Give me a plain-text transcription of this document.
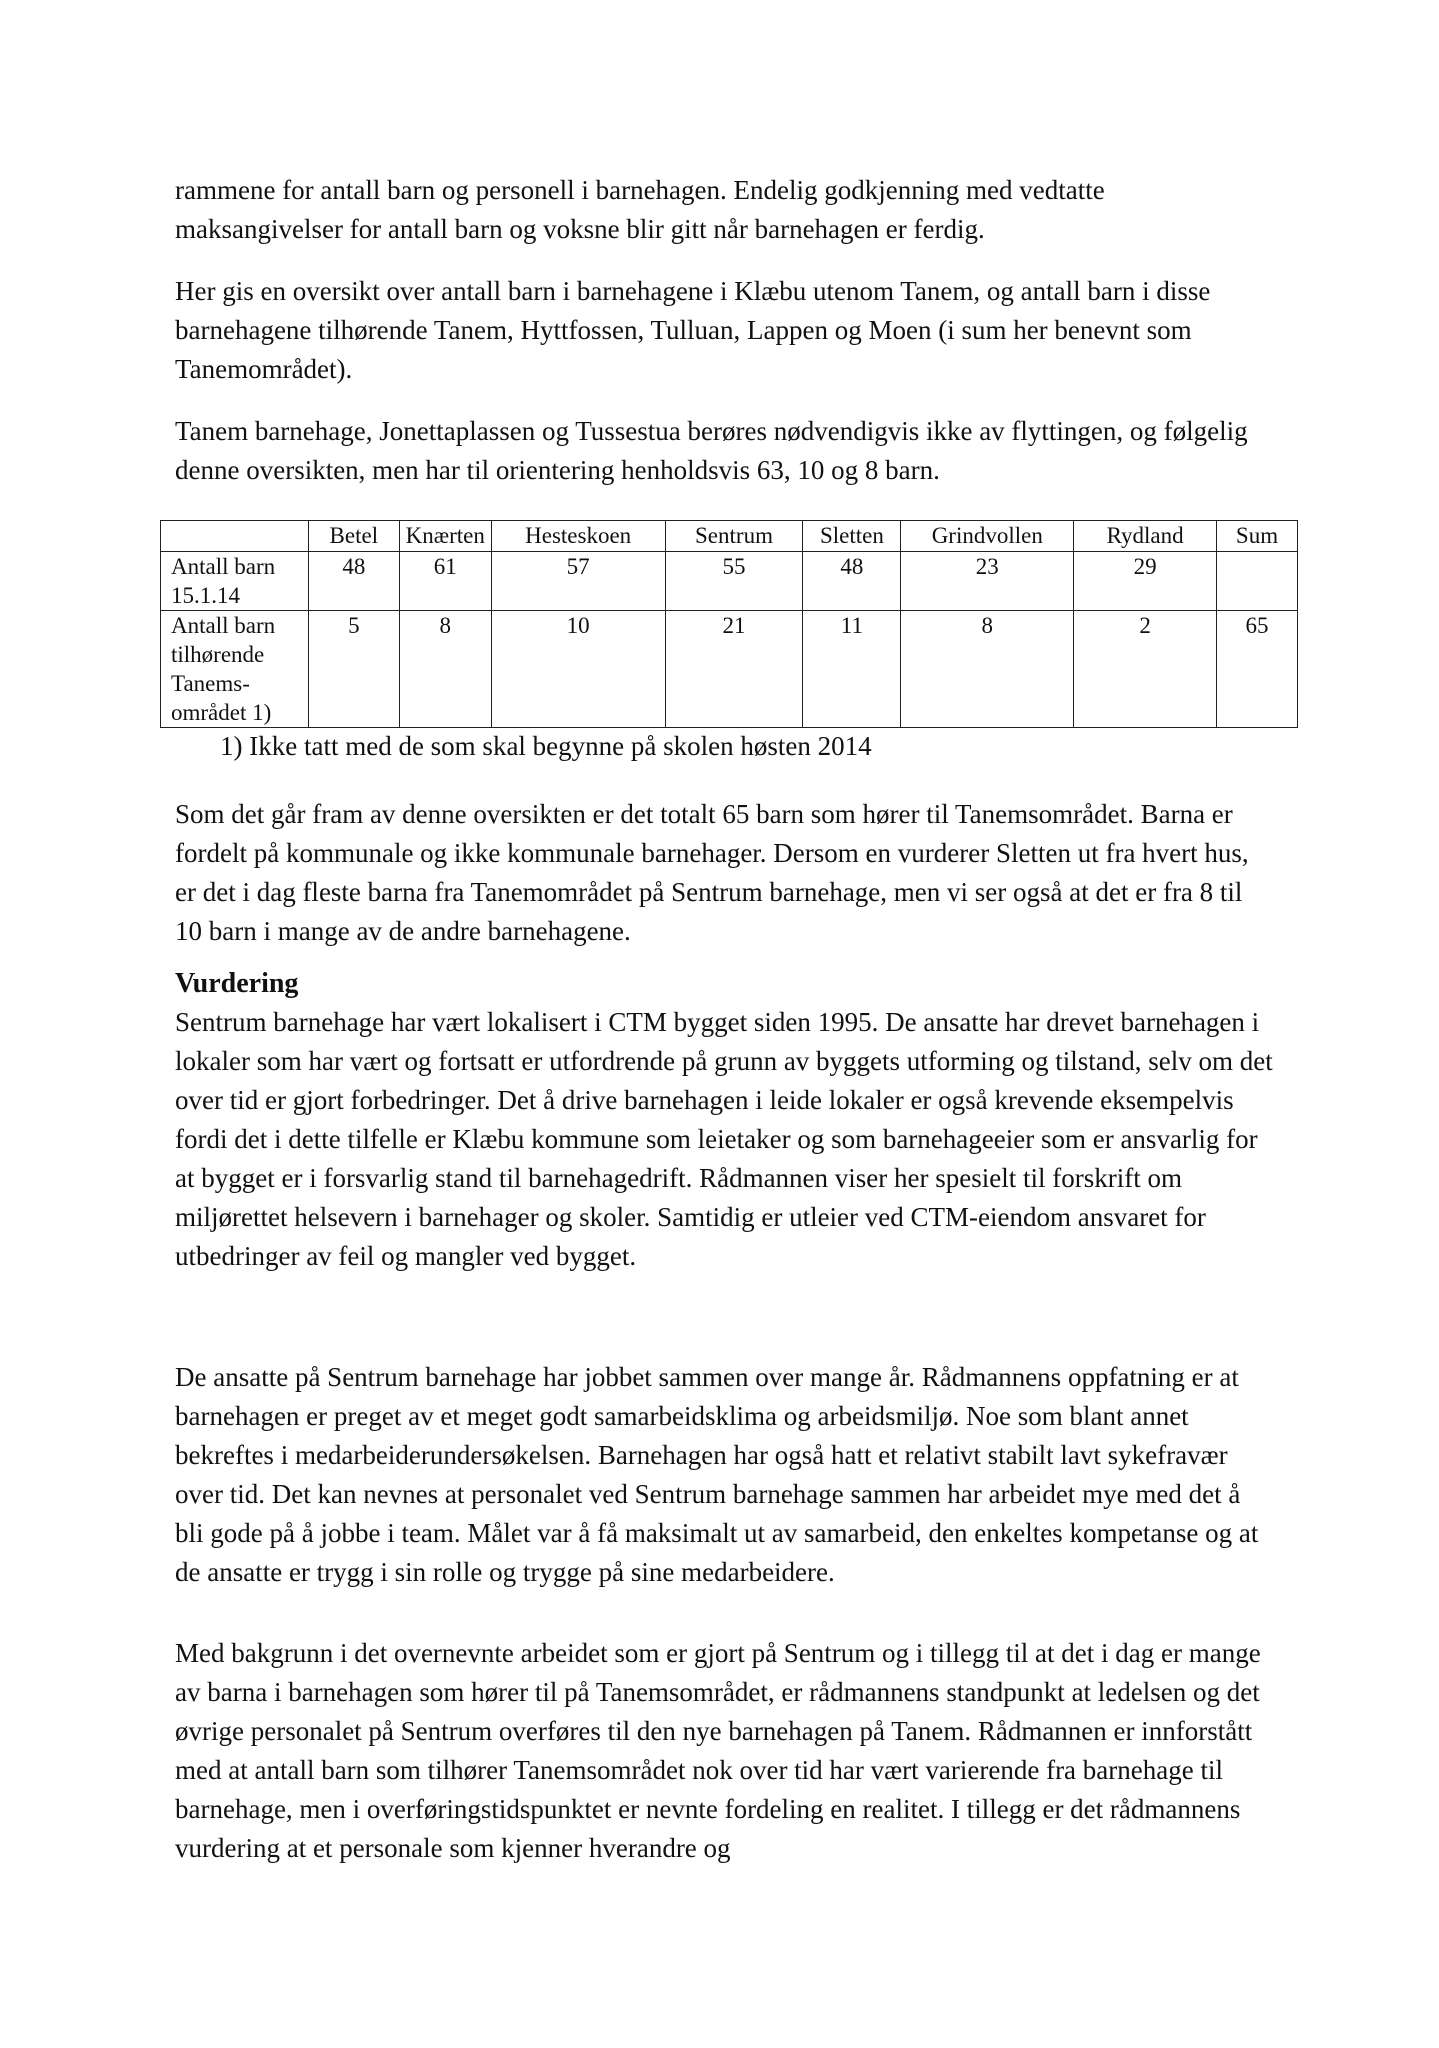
rammene for antall barn og personell i barnehagen. Endelig godkjenning med vedtatte maksangivelser for antall barn og voksne blir gitt når barnehagen er ferdig.

Her gis en oversikt over antall barn i barnehagene i Klæbu utenom Tanem, og antall barn i disse barnehagene tilhørende Tanem, Hyttfossen, Tulluan, Lappen og Moen (i sum her benevnt som Tanemområdet).

Tanem barnehage, Jonettaplassen og Tussestua berøres nødvendigvis ikke av flyttingen, og følgelig denne oversikten, men har til orientering henholdsvis 63, 10 og 8 barn.

	Betel	Knærten	Hesteskoen	Sentrum	Sletten	Grindvollen	Rydland	Sum
Antall barn 15.1.14	48	61	57	55	48	23	29	
Antall barn tilhørende Tanems-området 1)	5	8	10	21	11	8	2	65

1) Ikke tatt med de som skal begynne på skolen høsten 2014

Som det går fram av denne oversikten er det totalt 65 barn som hører til Tanemsområdet. Barna er fordelt på kommunale og ikke kommunale barnehager. Dersom en vurderer Sletten ut fra hvert hus, er det i dag fleste barna fra Tanemområdet på Sentrum barnehage, men vi ser også at det er fra 8 til 10 barn i mange av de andre barnehagene.

Vurdering

Sentrum barnehage har vært lokalisert i CTM bygget siden 1995. De ansatte har drevet barnehagen i lokaler som har vært og fortsatt er utfordrende på grunn av byggets utforming og tilstand, selv om det over tid er gjort forbedringer. Det å drive barnehagen i leide lokaler er også krevende eksempelvis fordi det i dette tilfelle er Klæbu kommune som leietaker og som barnehageeier som er ansvarlig for at bygget er i forsvarlig stand til barnehagedrift. Rådmannen viser her spesielt til forskrift om miljørettet helsevern i barnehager og skoler. Samtidig er utleier ved CTM-eiendom ansvaret for utbedringer av feil og mangler ved bygget.

De ansatte på Sentrum barnehage har jobbet sammen over mange år. Rådmannens oppfatning er at barnehagen er preget av et meget godt samarbeidsklima og arbeidsmiljø. Noe som blant annet bekreftes i medarbeiderundersøkelsen. Barnehagen har også hatt et relativt stabilt lavt sykefravær over tid. Det kan nevnes at personalet ved Sentrum barnehage sammen har arbeidet mye med det å bli gode på å jobbe i team. Målet var å få maksimalt ut av samarbeid, den enkeltes kompetanse og at de ansatte er trygg i sin rolle og trygge på sine medarbeidere.

Med bakgrunn i det overnevnte arbeidet som er gjort på Sentrum og i tillegg til at det i dag er mange av barna i barnehagen som hører til på Tanemsområdet, er rådmannens standpunkt at ledelsen og det øvrige personalet på Sentrum overføres til den nye barnehagen på Tanem. Rådmannen er innforstått med at antall barn som tilhører Tanemsområdet nok over tid har vært varierende fra barnehage til barnehage, men i overføringstidspunktet er nevnte fordeling en realitet. I tillegg er det rådmannens vurdering at et personale som kjenner hverandre og
